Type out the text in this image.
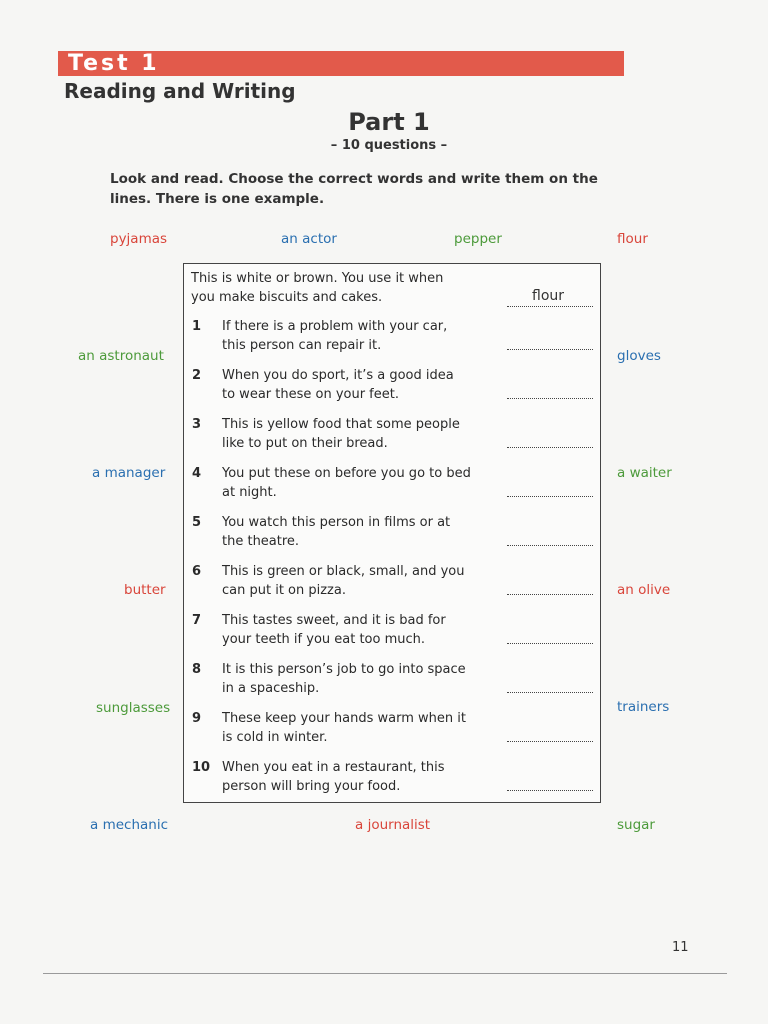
Test 1
Reading and Writing
Part 1
– 10 questions –
Look and read. Choose the correct words and write them on the lines. There is one example.
pyjamas	an actor	pepper	flour
an astronaut	gloves
a manager	a waiter
butter	an olive
sunglasses	trainers
a mechanic	a journalist	sugar
This is white or brown. You use it when
you make biscuits and cakes.	flour
1	If there is a problem with your car,
this person can repair it.
2	When you do sport, it’s a good idea
to wear these on your feet.
3	This is yellow food that some people
like to put on their bread.
4	You put these on before you go to bed
at night.
5	You watch this person in films or at
the theatre.
6	This is green or black, small, and you
can put it on pizza.
7	This tastes sweet, and it is bad for
your teeth if you eat too much.
8	It is this person’s job to go into space
in a spaceship.
9	These keep your hands warm when it
is cold in winter.
10 When you eat in a restaurant, this
person will bring your food.
11
